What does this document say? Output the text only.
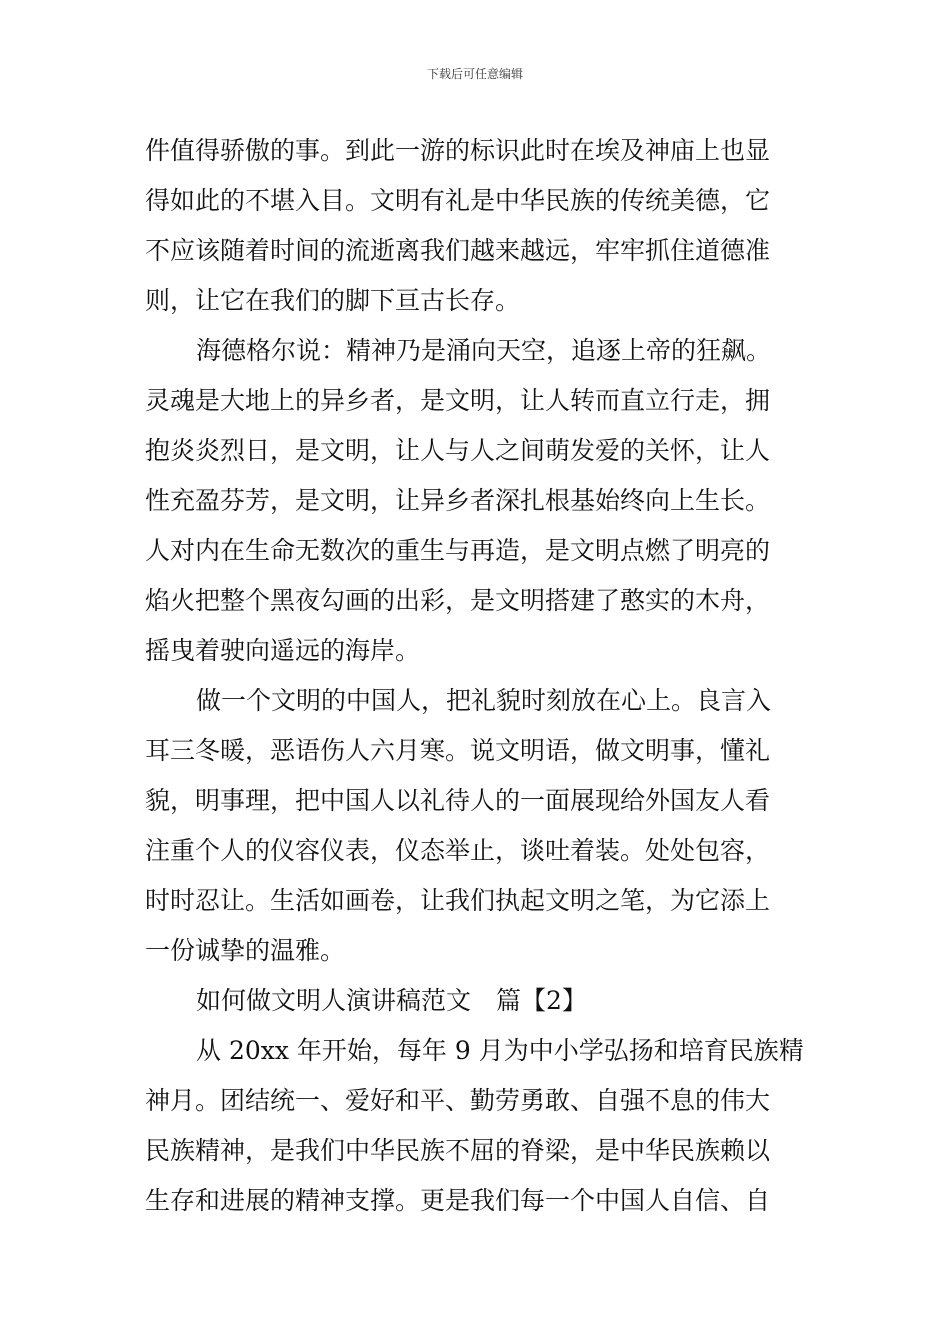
下载后可任意编辑
件值得骄傲的事。到此一游的标识此时在埃及神庙上也显
得如此的不堪入目。文明有礼是中华民族的传统美德，它
不应该随着时间的流逝离我们越来越远，牢牢抓住道德准
则，让它在我们的脚下亘古长存。
海德格尔说：精神乃是涌向天空，追逐上帝的狂飙。
灵魂是大地上的异乡者，是文明，让人转而直立行走，拥
抱炎炎烈日，是文明，让人与人之间萌发爱的关怀，让人
性充盈芬芳，是文明，让异乡者深扎根基始终向上生长。
人对内在生命无数次的重生与再造，是文明点燃了明亮的
焰火把整个黑夜勾画的出彩，是文明搭建了憨实的木舟，
摇曳着驶向遥远的海岸。
做一个文明的中国人，把礼貌时刻放在心上。良言入
耳三冬暖，恶语伤人六月寒。说文明语，做文明事，懂礼
貌，明事理，把中国人以礼待人的一面展现给外国友人看
注重个人的仪容仪表，仪态举止，谈吐着装。处处包容，
时时忍让。生活如画卷，让我们执起文明之笔，为它添上
一份诚挚的温雅。
如何做文明人演讲稿范文　篇【2】
从 20xx 年开始，每年 9 月为中小学弘扬和培育民族精
神月。团结统一、爱好和平、勤劳勇敢、自强不息的伟大
民族精神，是我们中华民族不屈的脊梁，是中华民族赖以
生存和进展的精神支撑。更是我们每一个中国人自信、自
